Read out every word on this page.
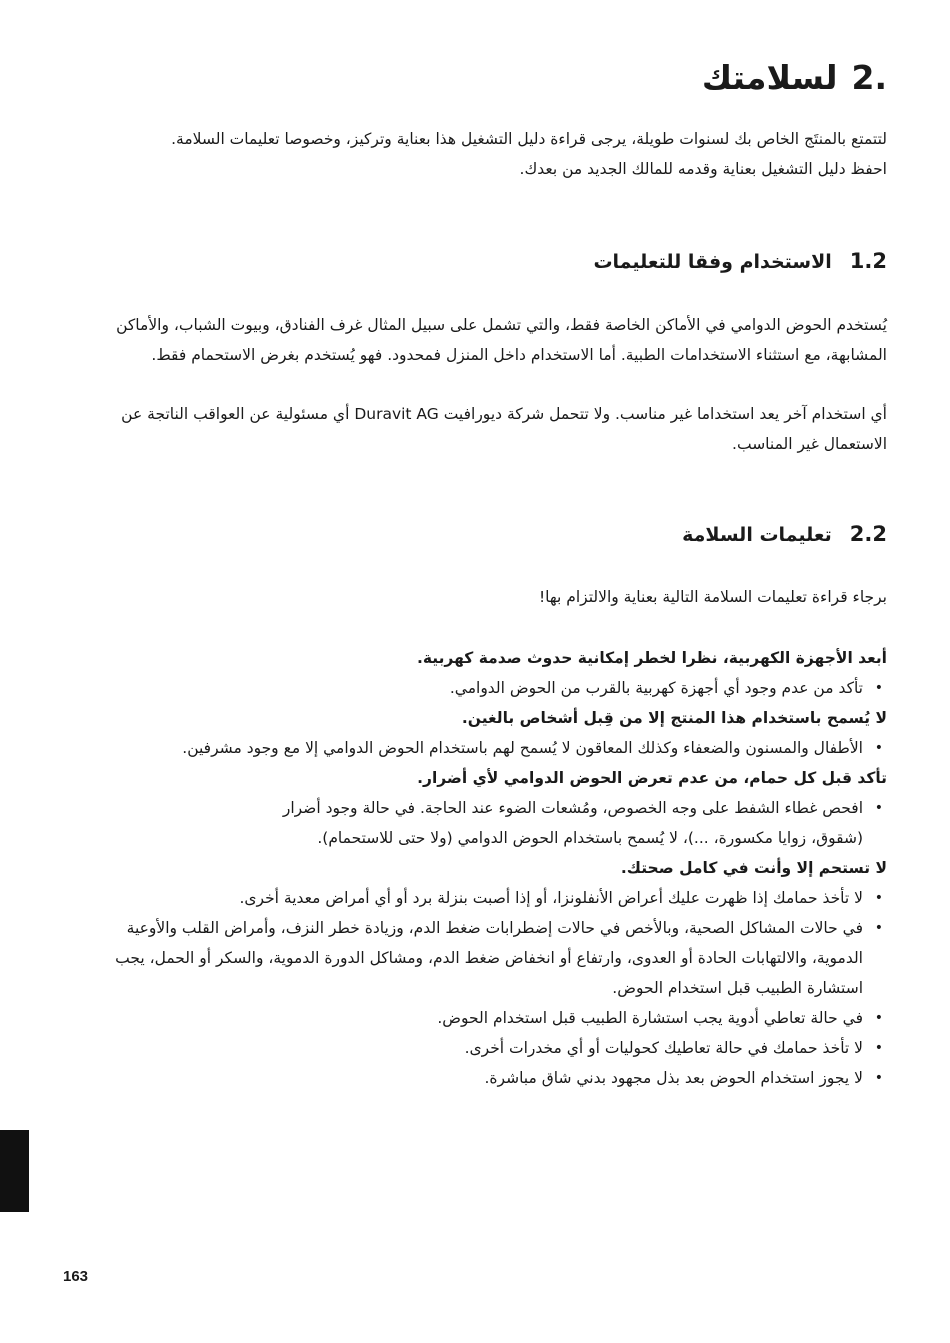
.2لسلامتك
لتتمتع بالمنتَج الخاص بك لسنوات طويلة، يرجى قراءة دليل التشغيل هذا بعناية وتركيز، وخصوصا تعليمات السلامة.
احفظ دليل التشغيل بعناية وقدمه للمالك الجديد من بعدك.
1.2الاستخدام وفقا للتعليمات

يُستخدم الحوض الدوامي في الأماكن الخاصة فقط، والتي تشمل على سبيل المثال غرف الفنادق، وبيوت الشباب، والأماكن المشابهة، مع استثناء الاستخدامات الطبية. أما الاستخدام داخل المنزل فمحدود. فهو يُستخدم بغرض الاستحمام فقط.

أي استخدام آخر يعد استخداما غير مناسب. ولا تتحمل شركة ديورافيت Duravit AG أي مسئولية عن العواقب الناتجة عن الاستعمال غير المناسب.

2.2تعليمات السلامة

برجاء قراءة تعليمات السلامة التالية بعناية والالتزام بها!

أبعد الأجهزة الكهربية، نظرا لخطر إمكانية حدوث صدمة كهربية.
• تأكد من عدم وجود أي أجهزة كهربية بالقرب من الحوض الدوامي.
لا يُسمح باستخدام هذا المنتج إلا من قِبل أشخاص بالغين.
• الأطفال والمسنون والضعفاء وكذلك المعاقون لا يُسمح لهم باستخدام الحوض الدوامي إلا مع وجود مشرفين.
تأكد قبل كل حمام، من عدم تعرض الحوض الدوامي لأي أضرار.
• افحص غطاء الشفط على وجه الخصوص، ومُشعات الضوء عند الحاجة. في حالة وجود أضرار (شقوق، زوايا مكسورة، ...)، لا يُسمح باستخدام الحوض الدوامي (ولا حتى للاستحمام).
لا تستحم إلا وأنت في كامل صحتك.
• لا تأخذ حمامك إذا ظهرت عليك أعراض الأنفلونزا، أو إذا أصبت بنزلة برد أو أي أمراض معدية أخرى.
• في حالات المشاكل الصحية، وبالأخص في حالات إضطرابات ضغط الدم، وزيادة خطر النزف، وأمراض القلب والأوعية الدموية، والالتهابات الحادة أو العدوى، وارتفاع أو انخفاض ضغط الدم، ومشاكل الدورة الدموية، والسكر أو الحمل، يجب استشارة الطبيب قبل استخدام الحوض.
• في حالة تعاطي أدوية يجب استشارة الطبيب قبل استخدام الحوض.
• لا تأخذ حمامك في حالة تعاطيك كحوليات أو أي مخدرات أخرى.
• لا يجوز استخدام الحوض بعد بذل مجهود بدني شاق مباشرة.
163
